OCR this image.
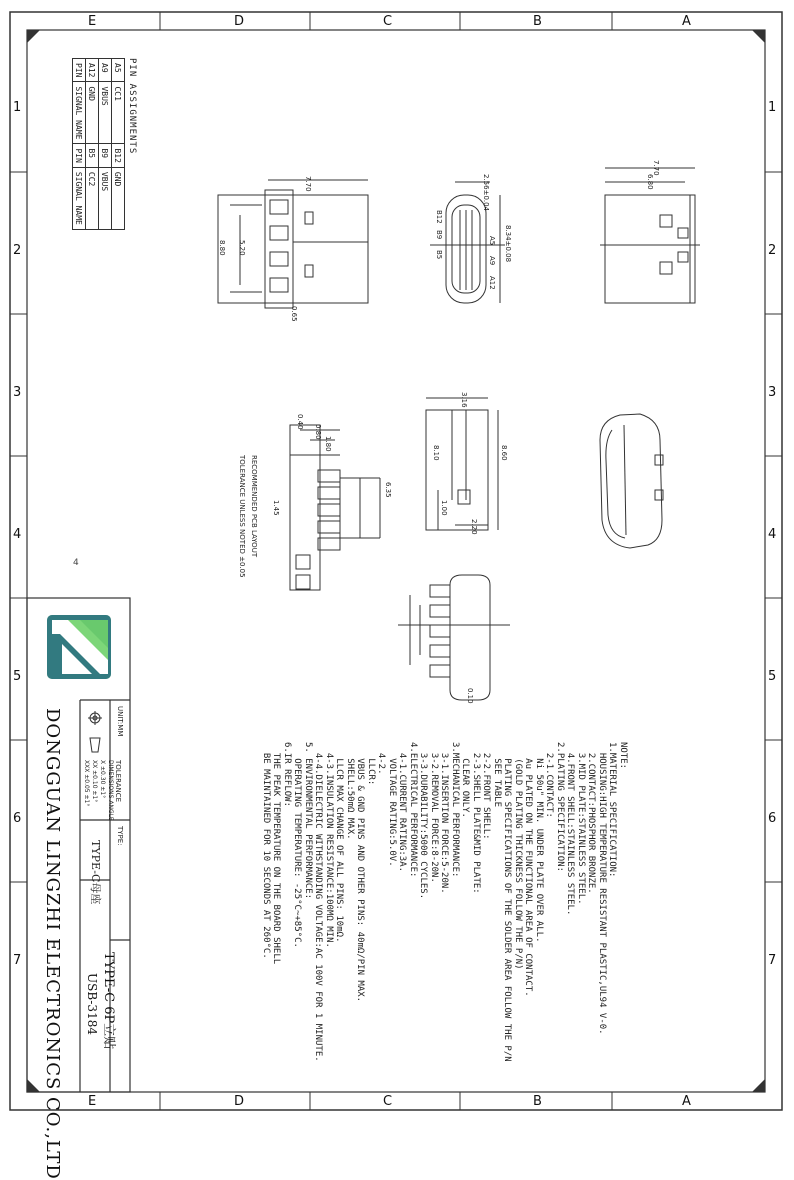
E	D	C	B	A
E	D	C	B	A
1
2
3
4
5
6
7
1
2
3
4
5
6
7
PIN ASSIGNMENTS
A5	CC1	B12	GND
A9	VBUS	B9	VBUS
A12	GND	B5	CC2
PIN	SIGNAL NAME	PIN	SIGNAL NAME	7.70
8.80 5.20
0.65
2.56±0.04
8.34±0.08
B12
B9
B5
A5
A9
A12
7.70
6.80
0.40
0.80
1.80
6.35
1.45
RECOMMENDED PCB LAYOUT
TOLERANCE UNLESS NOTED ±0.05
3.16
8.10	8.60
2.20
1.00
0.10
4
NOTE:
1.MATERIAL SPECIFICATION:
HOUSING:HIGH TEMPERATURE RESISTANT PLASTIC,UL94 V-0.
2.CONTACT:PHOSPHOR BRONZE.
3.MID PLATE:STAINLESS STEEL.
4.FRONT SHELL:STAINLESS STEEL.
2.PLATING SPECIFICATION:
2-1.CONTACT:
Ni 50u" MIN. UNDER PLATE OVER ALL.
Au PLATED ON THE FUNCTIONAL AREA OF CONTACT.
(GOLD PLATING THICKNESS FOLLOW THE P/N)
PLATING SPECIFICATIONS OF THE SOLDER AREA FOLLOW THE P/N
SEE TABLE
2-2.FRONT SHELL:
2-3.SHELL PLATE&MID PLATE:
CLEAR ONLY.
3.MECHANICAL PERFORMANCE:
3-1.INSERTION FORCE:5-20N.
3-2.REMOVAL FORCE:8-20N.
3-3.DURABILITY:5000 CYCLES.
4.ELECTRICAL PERFORMANCE:
4-1.CURRENT RATING:3A.
VOLTAGE RATING:5.0V.
4-2.
LLCR:
VBUS & GND PINS AND OTHER PINS: 40mΩ/PIN MAX.
SHELL:50mΩ MAX.
LLCR MAX CHANGE OF ALL PINS: 10mΩ.
4-3.INSULATION RESISTANCE:100MΩ MIN.
4-4.DIELECTRIC WITHSTANDING VOLTAGE:AC 100V FOR 1 MINUTE.
5. ENVIRONMENTAL PERFORMANCE:
OPERATING TEMPERATURE: -25°C~+85°C.
6.IR REFLOW:
THE PEAK TEMPERATURE ON THE BOARD SHELL
BE MAINTAINED FOR 10 SECONDS AT 260°C.
UNIT:MM
TYPE:
TOLERANCE
DIMENSIONS ANGLE
X ±0.30 ±1°
XX ±0.10 ±1°
XXX ±0.05 ±1°
TYPE-C母座
DONGGUAN LINGZHI ELECTRONICS CO.,LTD	TYPE-C 6P立贴
USB-3184
